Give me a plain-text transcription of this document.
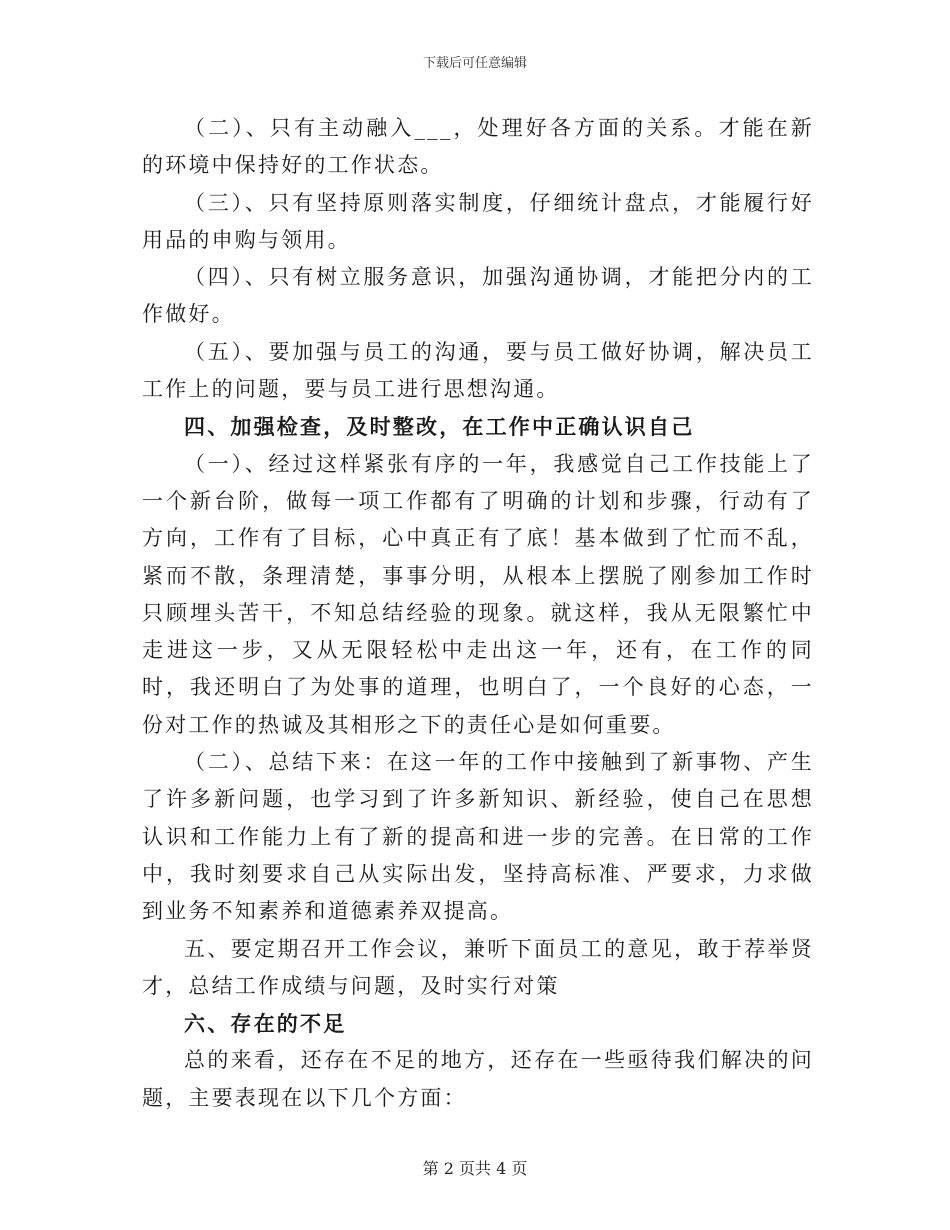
下载后可任意编辑

（二）、只有主动融入___，处理好各方面的关系。才能在新的环境中保持好的工作状态。

（三）、只有坚持原则落实制度，仔细统计盘点，才能履行好用品的申购与领用。

（四）、只有树立服务意识，加强沟通协调，才能把分内的工作做好。

（五）、要加强与员工的沟通，要与员工做好协调，解决员工工作上的问题，要与员工进行思想沟通。

四、加强检查，及时整改，在工作中正确认识自己

（一）、经过这样紧张有序的一年，我感觉自己工作技能上了一个新台阶，做每一项工作都有了明确的计划和步骤，行动有了方向，工作有了目标，心中真正有了底！基本做到了忙而不乱，紧而不散，条理清楚，事事分明，从根本上摆脱了刚参加工作时只顾埋头苦干，不知总结经验的现象。就这样，我从无限繁忙中走进这一步，又从无限轻松中走出这一年，还有，在工作的同时，我还明白了为处事的道理，也明白了，一个良好的心态，一份对工作的热诚及其相形之下的责任心是如何重要。

（二）、总结下来：在这一年的工作中接触到了新事物、产生了许多新问题，也学习到了许多新知识、新经验，使自己在思想认识和工作能力上有了新的提高和进一步的完善。在日常的工作中，我时刻要求自己从实际出发，坚持高标准、严要求，力求做到业务不知素养和道德素养双提高。

五、要定期召开工作会议，兼听下面员工的意见，敢于荐举贤才，总结工作成绩与问题，及时实行对策

六、存在的不足

总的来看，还存在不足的地方，还存在一些亟待我们解决的问题，主要表现在以下几个方面：

第 2 页共 4 页
